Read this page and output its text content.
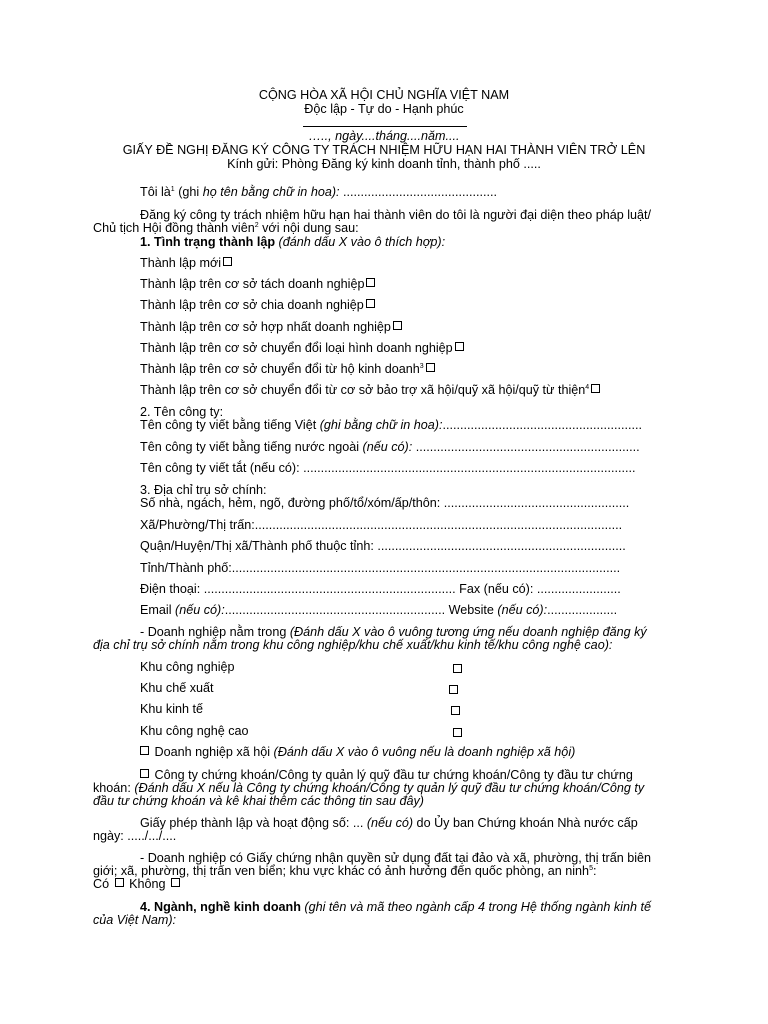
CỘNG HÒA XÃ HỘI CHỦ NGHĨA VIỆT NAM
Độc lập - Tự do - Hạnh phúc
….., ngày....tháng....năm....
GIẤY ĐỀ NGHỊ ĐĂNG KÝ CÔNG TY TRÁCH NHIỆM HỮU HẠN HAI THÀNH VIÊN TRỞ LÊN
Kính gửi: Phòng Đăng ký kinh doanh tỉnh, thành phố .....
Tôi $là^1$ (ghi họ tên bằng chữ in hoa): ............................................
Đăng ký công ty trách nhiệm hữu hạn hai thành viên do tôi là người đại diện theo pháp luật/
Chủ tịch Hội đồng thành viên$^2$ với nội dung sau:
1. Tình trạng thành lập (đánh dấu X vào ô thích hợp):
Thành lập mới
Thành lập trên cơ sở tách doanh nghiệp
Thành lập trên cơ sở chia doanh nghiệp
Thành lập trên cơ sở hợp nhất doanh nghiệp
Thành lập trên cơ sở chuyển đổi loại hình doanh nghiệp
Thành lập trên cơ sở chuyển đổi từ hộ kinh doanh$^3$
Thành lập trên cơ sở chuyển đổi từ cơ sở bảo trợ xã hội/quỹ xã hội/quỹ từ thiện$^4$
2. Tên công ty:
Tên công ty viết bằng tiếng Việt (ghi bằng chữ in hoa):.........................................................
Tên công ty viết bằng tiếng nước ngoài (nếu có): ................................................................
Tên công ty viết tắt (nếu có): ...............................................................................................
3. Địa chỉ trụ sở chính:
Số nhà, ngách, hẻm, ngõ, đường phố/tổ/xóm/ấp/thôn: .....................................................
Xã/Phường/Thị trấn:.........................................................................................................
Quận/Huyện/Thị xã/Thành phố thuộc tỉnh: .......................................................................
Tỉnh/Thành phố:...............................................................................................................
Điện thoại: ........................................................................ Fax (nếu có): ........................
Email (nếu có):............................................................... Website (nếu có):....................
- Doanh nghiệp nằm trong (Đánh dấu X vào ô vuông tương ứng nếu doanh nghiệp đăng ký
địa chỉ trụ sở chính nằm trong khu công nghiệp/khu chế xuất/khu kinh tế/khu công nghệ cao):
Khu công nghiệp
Khu chế xuất
Khu kinh tế
Khu công nghệ cao
Doanh nghiệp xã hội (Đánh dấu X vào ô vuông nếu là doanh nghiệp xã hội)
Công ty chứng khoán/Công ty quản lý quỹ đầu tư chứng khoán/Công ty đầu tư chứng
khoán: (Đánh dấu X nếu là Công ty chứng khoán/Công ty quản lý quỹ đầu tư chứng khoán/Công ty
đầu tư chứng khoán và kê khai thêm các thông tin sau đây)
Giấy phép thành lập và hoạt động số: ... (nếu có) do Ủy ban Chứng khoán Nhà nước cấp
ngày: ...../.../....
- Doanh nghiệp có Giấy chứng nhận quyền sử dụng đất tại đảo và xã, phường, thị trấn biên
giới; xã, phường, thị trấn ven biển; khu vực khác có ảnh hưởng đến quốc phòng, an ninh$^5$:
Có  Không
4. Ngành, nghề kinh doanh (ghi tên và mã theo ngành cấp 4 trong Hệ thống ngành kinh tế
của Việt Nam):
